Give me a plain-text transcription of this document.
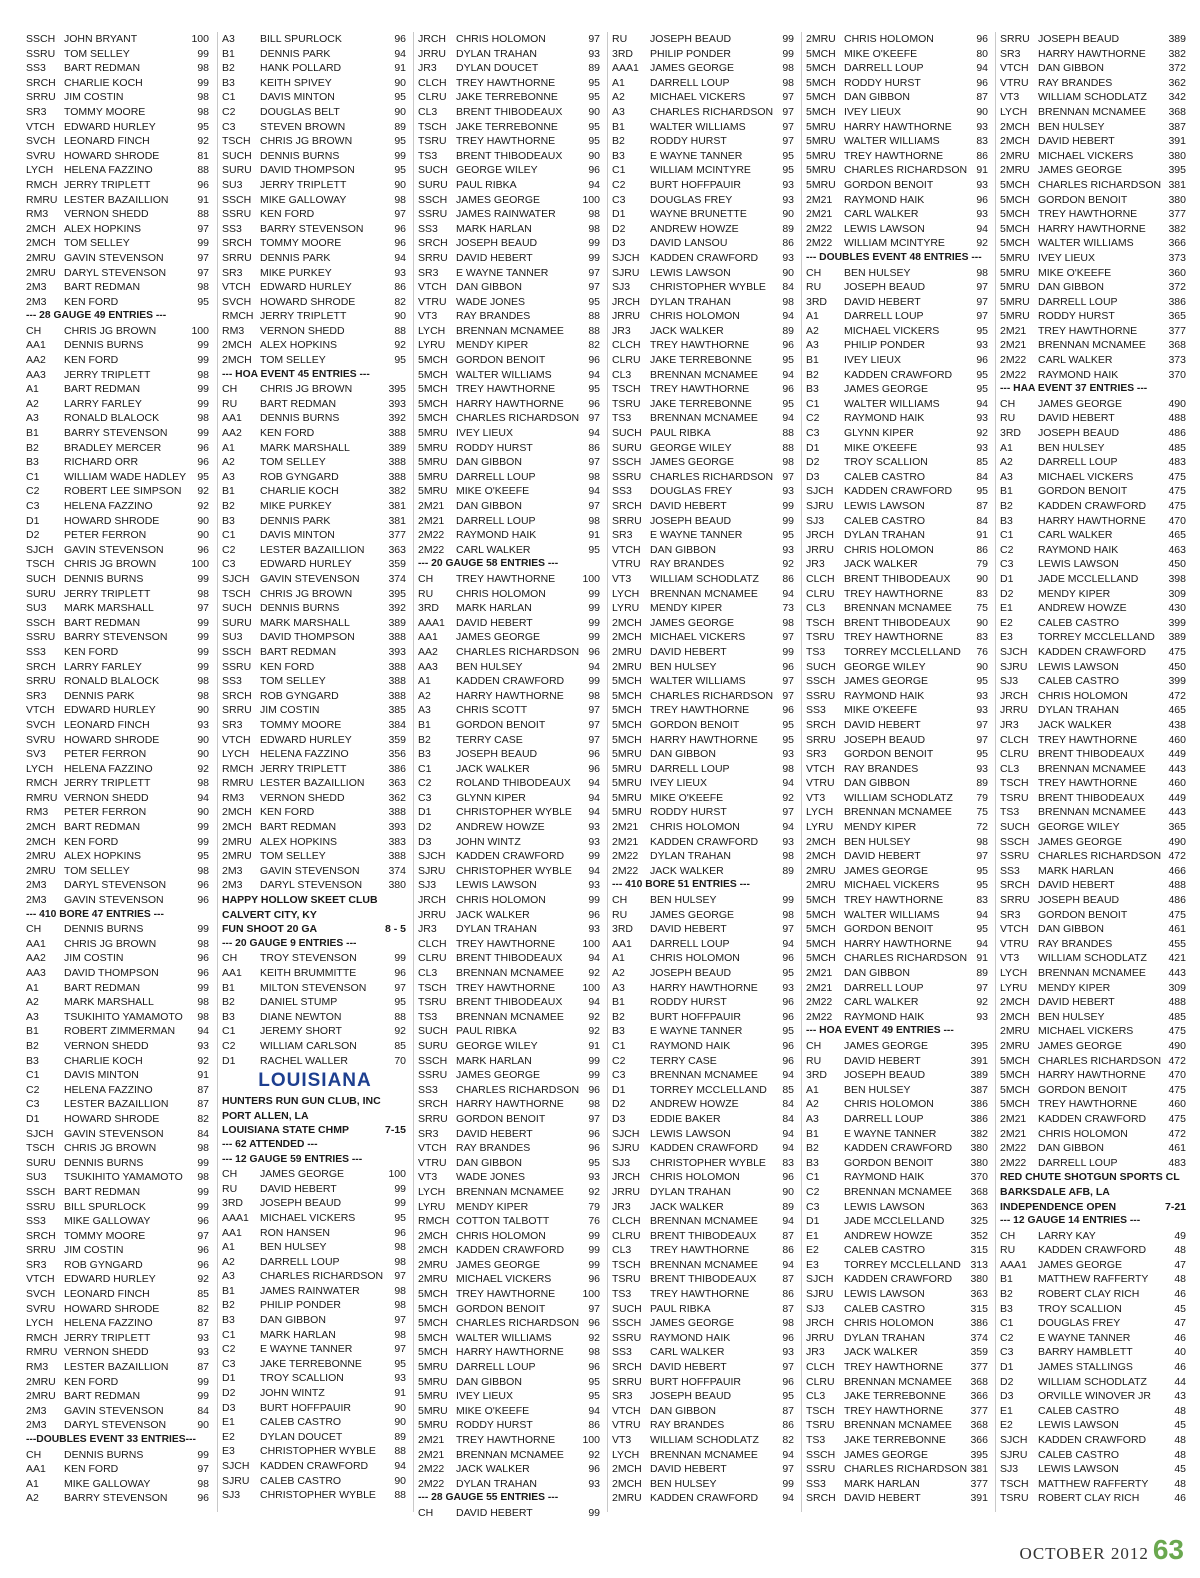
SSCH JOHN BRYANT	100
SSRU TOM SELLEY	99
SS3	BART REDMAN	98
SRCH CHARLIE KOCH	99
SRRU JIM COSTIN	98
SR3	TOMMY MOORE	98
VTCH EDWARD HURLEY	95
SVCH LEONARD FINCH	92
SVRU HOWARD SHRODE	81
LYCH	HELENA FAZZINO	88
RMCH JERRY TRIPLETT	96
RMRU LESTER BAZAILLION	91
RM3	VERNON SHEDD	88
2MCH ALEX HOPKINS	97
2MCH TOM SELLEY	99
2MRU GAVIN STEVENSON	97
2MRU DARYL STEVENSON	97
2M3	BART REDMAN	98
2M3	KEN FORD	95
--- 28 GAUGE 49 ENTRIES ---
CH	CHRIS JG BROWN	100
AA1	DENNIS BURNS	99
AA2	KEN FORD	99
AA3	JERRY TRIPLETT	98
A1	BART REDMAN	99
A2	LARRY FARLEY	99
A3	RONALD BLALOCK	98
B1	BARRY STEVENSON	99
B2	BRADLEY MERCER	96
B3	RICHARD ORR	96
C1	WILLIAM WADE HADLEY 95
C2	ROBERT LEE SIMPSON 92
C3	HELENA FAZZINO	92
D1	HOWARD SHRODE	90
D2	PETER FERRON	90
SJCH	GAVIN STEVENSON	96
TSCH CHRIS JG BROWN	100
SUCH DENNIS BURNS	99
SURU JERRY TRIPLETT	98
SU3	MARK MARSHALL	97
SSCH BART REDMAN	99
SSRU BARRY STEVENSON	99
SS3	KEN FORD	99
SRCH LARRY FARLEY	99
SRRU RONALD BLALOCK	98
SR3	DENNIS PARK	98
VTCH EDWARD HURLEY	90
SVCH LEONARD FINCH	93
SVRU HOWARD SHRODE	90
SV3	PETER FERRON	90
LYCH	HELENA FAZZINO	92
RMCH JERRY TRIPLETT	98
RMRU VERNON SHEDD	94
RM3	PETER FERRON	90
2MCH BART REDMAN	99
2MCH KEN FORD	99
2MRU ALEX HOPKINS	95
2MRU TOM SELLEY	98
2M3	DARYL STEVENSON	96
2M3	GAVIN STEVENSON	96
--- 410 BORE 47 ENTRIES ---
CH	DENNIS BURNS	99
AA1	CHRIS JG BROWN	98
AA2	JIM COSTIN	96
AA3	DAVID THOMPSON	96
A1	BART REDMAN	99
A2	MARK MARSHALL	98
A3	TSUKIHITO YAMAMOTO 98
B1	ROBERT ZIMMERMAN	94
B2	VERNON SHEDD	93
B3	CHARLIE KOCH	92
C1	DAVIS MINTON	91
C2	HELENA FAZZINO	87
C3	LESTER BAZAILLION	87
D1	HOWARD SHRODE	82
SJCH	GAVIN STEVENSON	84
TSCH CHRIS JG BROWN	98
SURU DENNIS BURNS	99
SU3	TSUKIHITO YAMAMOTO 98
SSCH BART REDMAN	99
SSRU BILL SPURLOCK	99
SS3	MIKE GALLOWAY	96
SRCH TOMMY MOORE	97
SRRU JIM COSTIN	96
SR3	ROB GYNGARD	96
VTCH EDWARD HURLEY	92
SVCH LEONARD FINCH	85
SVRU HOWARD SHRODE	82
LYCH	HELENA FAZZINO	87
RMCH JERRY TRIPLETT	93
RMRU VERNON SHEDD	93
RM3	LESTER BAZAILLION	87
2MRU KEN FORD	99
2MRU BART REDMAN	99
2M3	GAVIN STEVENSON	84
2M3	DARYL STEVENSON	90
---DOUBLES EVENT 33 ENTRIES---
CH	DENNIS BURNS	99
AA1	KEN FORD	97
A1	MIKE GALLOWAY	98
A2	BARRY STEVENSON	96
A3	BILL SPURLOCK	96
B1	DENNIS PARK	94
B2	HANK POLLARD	91
B3	KEITH SPIVEY	90
C1	DAVIS MINTON	95
C2	DOUGLAS BELT	90
C3	STEVEN BROWN	89
TSCH CHRIS JG BROWN	95
SUCH DENNIS BURNS	99
SURU DAVID THOMPSON	95
SU3	JERRY TRIPLETT	90
SSCH MIKE GALLOWAY	98
SSRU KEN FORD	97
SS3	BARRY STEVENSON	96
SRCH TOMMY MOORE	96
SRRU DENNIS PARK	94
SR3	MIKE PURKEY	93
VTCH EDWARD HURLEY	86
SVCH HOWARD SHRODE	82
RMCH JERRY TRIPLETT	90
RM3	VERNON SHEDD	88
2MCH ALEX HOPKINS	92
2MCH TOM SELLEY	95
--- HOA EVENT 45 ENTRIES ---
CH	CHRIS JG BROWN	395
RU	BART REDMAN	393
AA1	DENNIS BURNS	392
AA2	KEN FORD	388
A1	MARK MARSHALL	389
A2	TOM SELLEY	388
A3	ROB GYNGARD	388
B1	CHARLIE KOCH	382
B2	MIKE PURKEY	381
B3	DENNIS PARK	381
C1	DAVIS MINTON	377
C2	LESTER BAZAILLION	363
C3	EDWARD HURLEY	359
SJCH	GAVIN STEVENSON	374
TSCH CHRIS JG BROWN	395
SUCH DENNIS BURNS	392
SURU MARK MARSHALL	389
SU3	DAVID THOMPSON	388
SSCH BART REDMAN	393
SSRU KEN FORD	388
SS3	TOM SELLEY	388
SRCH ROB GYNGARD	388
SRRU JIM COSTIN	385
SR3	TOMMY MOORE	384
VTCH EDWARD HURLEY	359
LYCH	HELENA FAZZINO	356
RMCH JERRY TRIPLETT	386
RMRU LESTER BAZAILLION	363
RM3	VERNON SHEDD	362
2MCH KEN FORD	388
2MCH BART REDMAN	393
2MRU ALEX HOPKINS	383
2MRU TOM SELLEY	388
2M3	GAVIN STEVENSON	374
2M3	DARYL STEVENSON	380
HAPPY HOLLOW SKEET CLUB
CALVERT CITY, KY
FUN SHOOT 20 GA	8 - 5
--- 20 GAUGE 9 ENTRIES ---
CH	TROY STEVENSON	99
AA1	KEITH BRUMMITTE	96
B1	MILTON STEVENSON	97
B2	DANIEL STUMP	95
B3	DIANE NEWTON	88
C1	JEREMY SHORT	92
C2	WILLIAM CARLSON	85
D1	RACHEL WALLER	70
LOUISIANA
HUNTERS RUN GUN CLUB, INC
PORT ALLEN, LA
LOUISIANA STATE CHMP	7-15
--- 62 ATTENDED ---
--- 12 GAUGE 59 ENTRIES ---
CH	JAMES GEORGE	100
RU	DAVID HEBERT	99
3RD	JOSEPH BEAUD	99
AAA1	MICHAEL VICKERS	95
AA1	RON HANSEN	96
A1	BEN HULSEY	98
A2	DARRELL LOUP	98
A3	CHARLES RICHARDSON 97
B1	JAMES RAINWATER	98
B2	PHILIP PONDER	98
B3	DAN GIBBON	97
C1	MARK HARLAN	98
C2	E WAYNE TANNER	97
C3	JAKE TERREBONNE	95
D1	TROY SCALLION	93
D2	JOHN WINTZ	91
D3	BURT HOFFPAUIR	90
E1	CALEB CASTRO	90
E2	DYLAN DOUCET	89
E3	CHRISTOPHER WYBLE	88
SJCH	KADDEN CRAWFORD	94
SJRU	CALEB CASTRO	90
SJ3	CHRISTOPHER WYBLE	88
JRCH CHRIS HOLOMON	97
JRRU DYLAN TRAHAN	93
JR3	DYLAN DOUCET	89
CLCH TREY HAWTHORNE	95
CLRU JAKE TERREBONNE	95
CL3	BRENT THIBODEAUX	90
TSCH JAKE TERREBONNE	95
TSRU TREY HAWTHORNE	95
TS3	BRENT THIBODEAUX	90
SUCH GEORGE WILEY	96
SURU PAUL RIBKA	94
SSCH JAMES GEORGE	100
SSRU JAMES RAINWATER	98
SS3	MARK HARLAN	98
SRCH JOSEPH BEAUD	99
SRRU DAVID HEBERT	99
SR3	E WAYNE TANNER	97
VTCH DAN GIBBON	97
VTRU WADE JONES	95
VT3	RAY BRANDES	88
LYCH	BRENNAN MCNAMEE	88
LYRU	MENDY KIPER	82
5MCH GORDON BENOIT	96
5MCH WALTER WILLIAMS	94
5MCH TREY HAWTHORNE	95
5MCH HARRY HAWTHORNE	96
5MCH CHARLES RICHARDSON 97
5MRU IVEY LIEUX	94
5MRU RODDY HURST	86
5MRU DAN GIBBON	97
5MRU DARRELL LOUP	98
5MRU MIKE O'KEEFE	94
2M21	DAN GIBBON	97
2M21	DARRELL LOUP	98
2M22	RAYMOND HAIK	91
2M22	CARL WALKER	95
--- 20 GAUGE 58 ENTRIES ---
CH	TREY HAWTHORNE	100
RU	CHRIS HOLOMON	99
3RD	MARK HARLAN	99
AAA1	DAVID HEBERT	99
AA1	JAMES GEORGE	99
AA2	CHARLES RICHARDSON 96
AA3	BEN HULSEY	94
A1	KADDEN CRAWFORD	99
A2	HARRY HAWTHORNE	98
A3	CHRIS SCOTT	97
B1	GORDON BENOIT	97
B2	TERRY CASE	97
B3	JOSEPH BEAUD	96
C1	JACK WALKER	96
C2	ROLAND THIBODEAUX	94
C3	GLYNN KIPER	94
D1	CHRISTOPHER WYBLE 94
D2	ANDREW HOWZE	93
D3	JOHN WINTZ	93
SJCH	KADDEN CRAWFORD	99
SJRU	CHRISTOPHER WYBLE 94
SJ3	LEWIS LAWSON	93
JRCH CHRIS HOLOMON	99
JRRU JACK WALKER	96
JR3	DYLAN TRAHAN	93
CLCH TREY HAWTHORNE	100
CLRU BRENT THIBODEAUX	94
CL3	BRENNAN MCNAMEE	92
TSCH TREY HAWTHORNE	100
TSRU BRENT THIBODEAUX	94
TS3	BRENNAN MCNAMEE	92
SUCH PAUL RIBKA	92
SURU GEORGE WILEY	91
SSCH MARK HARLAN	99
SSRU JAMES GEORGE	99
SS3	CHARLES RICHARDSON 96
SRCH HARRY HAWTHORNE	98
SRRU GORDON BENOIT	97
SR3	DAVID HEBERT	96
VTCH RAY BRANDES	96
VTRU DAN GIBBON	95
VT3	WADE JONES	93
LYCH	BRENNAN MCNAMEE	92
LYRU	MENDY KIPER	79
RMCH COTTON TALBOTT	76
2MCH CHRIS HOLOMON	99
2MCH KADDEN CRAWFORD	99
2MRU JAMES GEORGE	99
2MRU MICHAEL VICKERS	96
5MCH TREY HAWTHORNE	100
5MCH GORDON BENOIT	97
5MCH CHARLES RICHARDSON 96
5MCH WALTER WILLIAMS	92
5MCH HARRY HAWTHORNE	98
5MRU DARRELL LOUP	96
5MRU DAN GIBBON	95
5MRU IVEY LIEUX	95
5MRU MIKE O'KEEFE	94
5MRU RODDY HURST	86
2M21	TREY HAWTHORNE	100
2M21	BRENNAN MCNAMEE	92
2M22	JACK WALKER	96
2M22	DYLAN TRAHAN	93
--- 28 GAUGE 55 ENTRIES ---
CH	DAVID HEBERT	99
RU	JOSEPH BEAUD	99
3RD	PHILIP PONDER	99
AAA1	JAMES GEORGE	98
A1	DARRELL LOUP	98
A2	MICHAEL VICKERS	97
A3	CHARLES RICHARDSON 97
B1	WALTER WILLIAMS	97
B2	RODDY HURST	97
B3	E WAYNE TANNER	95
C1	WILLIAM MCINTYRE	95
C2	BURT HOFFPAUIR	93
C3	DOUGLAS FREY	93
D1	WAYNE BRUNETTE	90
D2	ANDREW HOWZE	89
D3	DAVID LANSOU	86
SJCH	KADDEN CRAWFORD	93
SJRU	LEWIS LAWSON	90
SJ3	CHRISTOPHER WYBLE 84
JRCH DYLAN TRAHAN	98
JRRU CHRIS HOLOMON	94
JR3	JACK WALKER	89
CLCH TREY HAWTHORNE	96
CLRU JAKE TERREBONNE	95
CL3	BRENNAN MCNAMEE	94
TSCH TREY HAWTHORNE	96
TSRU JAKE TERREBONNE	95
TS3	BRENNAN MCNAMEE	94
SUCH PAUL RIBKA	88
SURU GEORGE WILEY	88
SSCH JAMES GEORGE	98
SSRU CHARLES RICHARDSON 97
SS3	DOUGLAS FREY	93
SRCH DAVID HEBERT	99
SRRU JOSEPH BEAUD	99
SR3	E WAYNE TANNER	95
VTCH DAN GIBBON	93
VTRU RAY BRANDES	92
VT3	WILLIAM SCHODLATZ	86
LYCH	BRENNAN MCNAMEE	94
LYRU	MENDY KIPER	73
2MCH JAMES GEORGE	98
2MCH MICHAEL VICKERS	97
2MRU DAVID HEBERT	99
2MRU BEN HULSEY	96
5MCH WALTER WILLIAMS	97
5MCH CHARLES RICHARDSON 97
5MCH TREY HAWTHORNE	96
5MCH GORDON BENOIT	95
5MCH HARRY HAWTHORNE	95
5MRU DAN GIBBON	93
5MRU DARRELL LOUP	98
5MRU IVEY LIEUX	94
5MRU MIKE O'KEEFE	92
5MRU RODDY HURST	97
2M21	CHRIS HOLOMON	94
2M21	KADDEN CRAWFORD	93
2M22	DYLAN TRAHAN	98
2M22	JACK WALKER	89
--- 410 BORE 51 ENTRIES ---
CH	BEN HULSEY	99
RU	JAMES GEORGE	98
3RD	DAVID HEBERT	97
AA1	DARRELL LOUP	94
A1	CHRIS HOLOMON	96
A2	JOSEPH BEAUD	95
A3	HARRY HAWTHORNE	93
B1	RODDY HURST	96
B2	BURT HOFFPAUIR	96
B3	E WAYNE TANNER	95
C1	RAYMOND HAIK	96
C2	TERRY CASE	96
C3	BRENNAN MCNAMEE	94
D1	TORREY MCCLELLAND 85
D2	ANDREW HOWZE	84
D3	EDDIE BAKER	84
SJCH	LEWIS LAWSON	94
SJRU	KADDEN CRAWFORD	94
SJ3	CHRISTOPHER WYBLE 83
JRCH CHRIS HOLOMON	96
JRRU DYLAN TRAHAN	90
JR3	JACK WALKER	89
CLCH BRENNAN MCNAMEE	94
CLRU BRENT THIBODEAUX	87
CL3	TREY HAWTHORNE	86
TSCH BRENNAN MCNAMEE	94
TSRU BRENT THIBODEAUX	87
TS3	TREY HAWTHORNE	86
SUCH PAUL RIBKA	87
SSCH JAMES GEORGE	98
SSRU RAYMOND HAIK	96
SS3	CARL WALKER	93
SRCH DAVID HEBERT	97
SRRU BURT HOFFPAUIR	96
SR3	JOSEPH BEAUD	95
VTCH DAN GIBBON	87
VTRU RAY BRANDES	86
VT3	WILLIAM SCHODLATZ	82
LYCH	BRENNAN MCNAMEE	94
2MCH DAVID HEBERT	97
2MCH BEN HULSEY	99
2MRU KADDEN CRAWFORD	94
2MRU CHRIS HOLOMON	96
5MCH MIKE O'KEEFE	80
5MCH DARRELL LOUP	94
5MCH RODDY HURST	96
5MCH DAN GIBBON	87
5MCH IVEY LIEUX	90
5MRU HARRY HAWTHORNE	93
5MRU WALTER WILLIAMS	83
5MRU TREY HAWTHORNE	86
5MRU CHARLES RICHARDSON 91
5MRU GORDON BENOIT	93
2M21	RAYMOND HAIK	96
2M21	CARL WALKER	93
2M22	LEWIS LAWSON	94
2M22	WILLIAM MCINTYRE	92
--- DOUBLES EVENT 48 ENTRIES ---
CH	BEN HULSEY	98
RU	JOSEPH BEAUD	97
3RD	DAVID HEBERT	97
A1	DARRELL LOUP	97
A2	MICHAEL VICKERS	95
A3	PHILIP PONDER	93
B1	IVEY LIEUX	96
B2	KADDEN CRAWFORD	95
B3	JAMES GEORGE	95
C1	WALTER WILLIAMS	94
C2	RAYMOND HAIK	93
C3	GLYNN KIPER	92
D1	MIKE O'KEEFE	93
D2	TROY SCALLION	85
D3	CALEB CASTRO	84
SJCH	KADDEN CRAWFORD	95
SJRU	LEWIS LAWSON	87
SJ3	CALEB CASTRO	84
JRCH DYLAN TRAHAN	91
JRRU CHRIS HOLOMON	86
JR3	JACK WALKER	79
CLCH BRENT THIBODEAUX	90
CLRU TREY HAWTHORNE	83
CL3	BRENNAN MCNAMEE	75
TSCH BRENT THIBODEAUX	90
TSRU TREY HAWTHORNE	83
TS3	TORREY MCCLELLAND 76
SUCH GEORGE WILEY	90
SSCH JAMES GEORGE	95
SSRU RAYMOND HAIK	93
SS3	MIKE O'KEEFE	93
SRCH DAVID HEBERT	97
SRRU JOSEPH BEAUD	97
SR3	GORDON BENOIT	95
VTCH RAY BRANDES	93
VTRU DAN GIBBON	89
VT3	WILLIAM SCHODLATZ	79
LYCH	BRENNAN MCNAMEE	75
LYRU	MENDY KIPER	72
2MCH BEN HULSEY	98
2MCH DAVID HEBERT	97
2MRU JAMES GEORGE	95
2MRU MICHAEL VICKERS	95
5MCH TREY HAWTHORNE	83
5MCH WALTER WILLIAMS	94
5MCH GORDON BENOIT	95
5MCH HARRY HAWTHORNE	94
5MCH CHARLES RICHARDSON 91
2M21	DAN GIBBON	89
2M21	DARRELL LOUP	97
2M22	CARL WALKER	92
2M22	RAYMOND HAIK	93
--- HOA EVENT 49 ENTRIES ---
CH	JAMES GEORGE	395
RU	DAVID HEBERT	391
3RD	JOSEPH BEAUD	389
A1	BEN HULSEY	387
A2	CHRIS HOLOMON	386
A3	DARRELL LOUP	386
B1	E WAYNE TANNER	382
B2	KADDEN CRAWFORD	380
B3	GORDON BENOIT	380
C1	RAYMOND HAIK	370
C2	BRENNAN MCNAMEE	368
C3	LEWIS LAWSON	363
D1	JADE MCCLELLAND	325
E1	ANDREW HOWZE	352
E2	CALEB CASTRO	315
E3	TORREY MCCLELLAND 313
SJCH	KADDEN CRAWFORD	380
SJRU	LEWIS LAWSON	363
SJ3	CALEB CASTRO	315
JRCH CHRIS HOLOMON	386
JRRU DYLAN TRAHAN	374
JR3	JACK WALKER	359
CLCH TREY HAWTHORNE	377
CLRU BRENNAN MCNAMEE	368
CL3	JAKE TERREBONNE	366
TSCH TREY HAWTHORNE	377
TSRU BRENNAN MCNAMEE	368
TS3	JAKE TERREBONNE	366
SSCH JAMES GEORGE	395
SSRU CHARLES RICHARDSON 381
SS3	MARK HARLAN	377
SRCH DAVID HEBERT	391
SRRU JOSEPH BEAUD	389
SR3	HARRY HAWTHORNE	382
VTCH DAN GIBBON	372
VTRU RAY BRANDES	362
VT3	WILLIAM SCHODLATZ	342
LYCH	BRENNAN MCNAMEE	368
2MCH BEN HULSEY	387
2MCH DAVID HEBERT	391
2MRU MICHAEL VICKERS	380
2MRU JAMES GEORGE	395
5MCH CHARLES RICHARDSON 381
5MCH GORDON BENOIT	380
5MCH TREY HAWTHORNE	377
5MCH HARRY HAWTHORNE	382
5MCH WALTER WILLIAMS	366
5MRU IVEY LIEUX	373
5MRU MIKE O'KEEFE	360
5MRU DAN GIBBON	372
5MRU DARRELL LOUP	386
5MRU RODDY HURST	365
2M21	TREY HAWTHORNE	377
2M21	BRENNAN MCNAMEE	368
2M22	CARL WALKER	373
2M22	RAYMOND HAIK	370
--- HAA EVENT 37 ENTRIES ---
CH	JAMES GEORGE	490
RU	DAVID HEBERT	488
3RD	JOSEPH BEAUD	486
A1	BEN HULSEY	485
A2	DARRELL LOUP	483
A3	MICHAEL VICKERS	475
B1	GORDON BENOIT	475
B2	KADDEN CRAWFORD	475
B3	HARRY HAWTHORNE	470
C1	CARL WALKER	465
C2	RAYMOND HAIK	463
C3	LEWIS LAWSON	450
D1	JADE MCCLELLAND	398
D2	MENDY KIPER	309
E1	ANDREW HOWZE	430
E2	CALEB CASTRO	399
E3	TORREY MCCLELLAND	389
SJCH	KADDEN CRAWFORD	475
SJRU	LEWIS LAWSON	450
SJ3	CALEB CASTRO	399
JRCH CHRIS HOLOMON	472
JRRU DYLAN TRAHAN	465
JR3	JACK WALKER	438
CLCH TREY HAWTHORNE	460
CLRU BRENT THIBODEAUX	449
CL3	BRENNAN MCNAMEE	443
TSCH TREY HAWTHORNE	460
TSRU BRENT THIBODEAUX	449
TS3	BRENNAN MCNAMEE	443
SUCH GEORGE WILEY	365
SSCH JAMES GEORGE	490
SSRU CHARLES RICHARDSON 472
SS3	MARK HARLAN	466
SRCH DAVID HEBERT	488
SRRU JOSEPH BEAUD	486
SR3	GORDON BENOIT	475
VTCH DAN GIBBON	461
VTRU RAY BRANDES	455
VT3	WILLIAM SCHODLATZ	421
LYCH	BRENNAN MCNAMEE	443
LYRU	MENDY KIPER	309
2MCH DAVID HEBERT	488
2MCH BEN HULSEY	485
2MRU MICHAEL VICKERS	475
2MRU JAMES GEORGE	490
5MCH CHARLES RICHARDSON 472
5MCH HARRY HAWTHORNE	470
5MCH GORDON BENOIT	475
5MCH TREY HAWTHORNE	460
2M21	KADDEN CRAWFORD	475
2M21	CHRIS HOLOMON	472
2M22	DAN GIBBON	461
2M22	DARRELL LOUP	483
RED CHUTE SHOTGUN SPORTS CL
BARKSDALE AFB, LA
INDEPENDENCE OPEN	7-21
--- 12 GAUGE 14 ENTRIES ---
CH	LARRY KAY	49
RU	KADDEN CRAWFORD	48
AAA1	JAMES GEORGE	47
B1	MATTHEW RAFFERTY	48
B2	ROBERT CLAY RICH	46
B3	TROY SCALLION	45
C1	DOUGLAS FREY	47
C2	E WAYNE TANNER	46
C3	BARRY HAMBLETT	40
D1	JAMES STALLINGS	46
D2	WILLIAM SCHODLATZ	44
D3	ORVILLE WINOVER JR	43
E1	CALEB CASTRO	48
E2	LEWIS LAWSON	45
SJCH	KADDEN CRAWFORD	48
SJRU	CALEB CASTRO	48
SJ3	LEWIS LAWSON	45
TSCH MATTHEW RAFFERTY	48
TSRU ROBERT CLAY RICH	46
OCTOBER 2012 63
